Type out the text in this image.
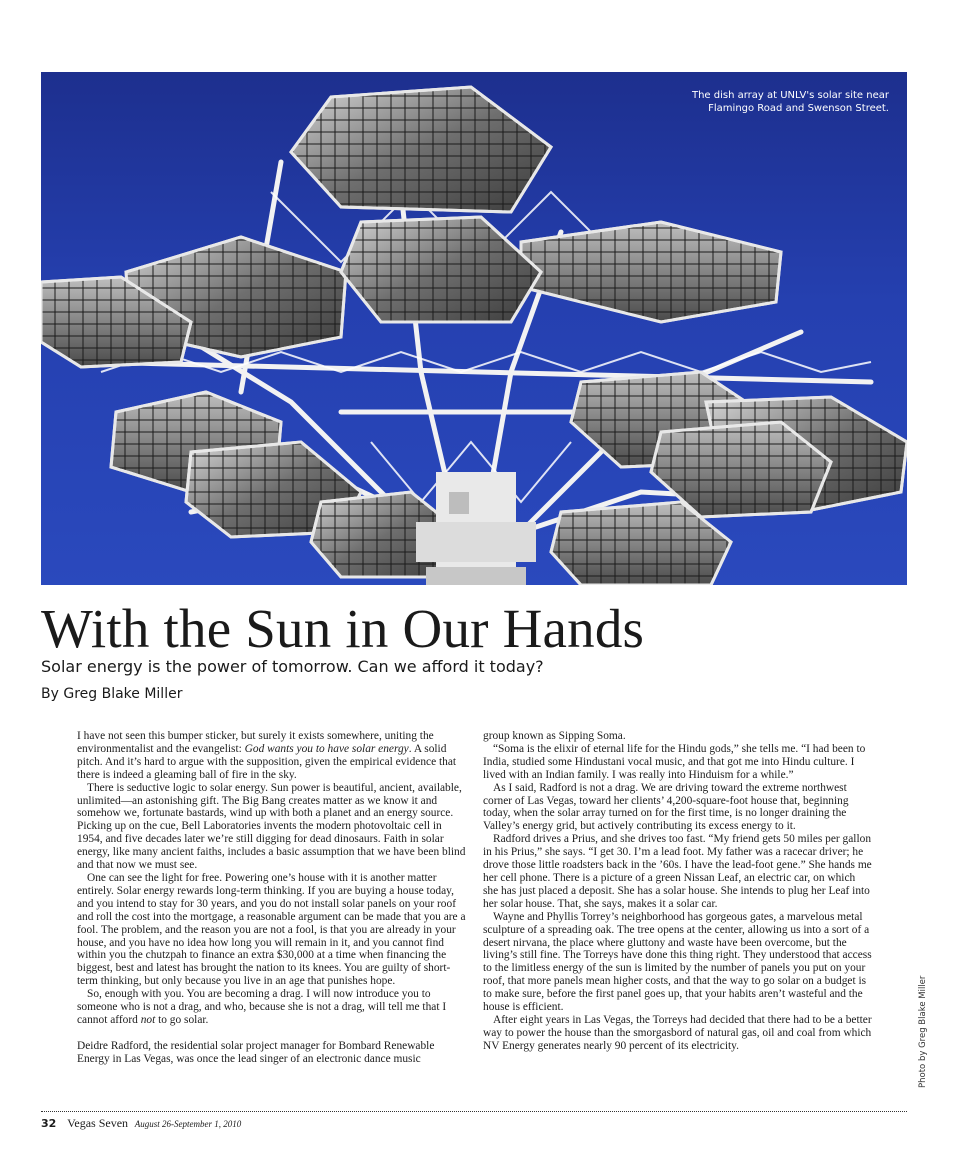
The dish array at UNLV's solar site near Flamingo Road and Swenson Street.
With the Sun in Our Hands

Solar energy is the power of tomorrow. Can we afford it today?

By Greg Blake Miller

I have not seen this bumper sticker, but surely it exists somewhere, uniting the environmentalist and the evangelist: God wants you to have solar energy. A solid pitch. And it’s hard to argue with the supposition, given the empirical evidence that there is indeed a gleaming ball of fire in the sky.

There is seductive logic to solar energy. Sun power is beautiful, ancient, available, unlimited—an astonishing gift. The Big Bang creates matter as we know it and somehow we, fortunate bastards, wind up with both a planet and an energy source. Picking up on the cue, Bell Laboratories invents the modern photovoltaic cell in 1954, and five decades later we’re still digging for dead dinosaurs. Faith in solar energy, like many ancient faiths, includes a basic assumption that we have been blind and that now we must see.

One can see the light for free. Powering one’s house with it is another matter entirely. Solar energy rewards long-term thinking. If you are buying a house today, and you intend to stay for 30 years, and you do not install solar panels on your roof and roll the cost into the mortgage, a reasonable argument can be made that you are a fool. The problem, and the reason you are not a fool, is that you are already in your house, and you have no idea how long you will remain in it, and you cannot find within you the chutzpah to finance an extra $30,000 at a time when financing the biggest, best and latest has brought the nation to its knees. You are guilty of short-term thinking, but only because you live in an age that punishes hope.

So, enough with you. You are becoming a drag. I will now introduce you to someone who is not a drag, and who, because she is not a drag, will tell me that I cannot afford not to go solar.

Deidre Radford, the residential solar project manager for Bombard Renewable Energy in Las Vegas, was once the lead singer of an electronic dance music

group known as Sipping Soma.

“Soma is the elixir of eternal life for the Hindu gods,” she tells me. “I had been to India, studied some Hindustani vocal music, and that got me into Hindu culture. I lived with an Indian family. I was really into Hinduism for a while.”

As I said, Radford is not a drag. We are driving toward the extreme northwest corner of Las Vegas, toward her clients’ 4,200-square-foot house that, beginning today, when the solar array turned on for the first time, is no longer draining the Valley’s energy grid, but actively contributing its excess energy to it.

Radford drives a Prius, and she drives too fast. “My friend gets 50 miles per gallon in his Prius,” she says. “I get 30. I’m a lead foot. My father was a racecar driver; he drove those little roadsters back in the ’60s. I have the lead-foot gene.” She hands me her cell phone. There is a picture of a green Nissan Leaf, an electric car, on which she has just placed a deposit. She has a solar house. She intends to plug her Leaf into her solar house. That, she says, makes it a solar car.

Wayne and Phyllis Torrey’s neighborhood has gorgeous gates, a marvelous metal sculpture of a spreading oak. The tree opens at the center, allowing us into a sort of a desert nirvana, the place where gluttony and waste have been overcome, but the living’s still fine. The Torreys have done this thing right. They understood that access to the limitless energy of the sun is limited by the number of panels you put on your roof, that more panels mean higher costs, and that the way to go solar on a budget is to make sure, before the first panel goes up, that your habits aren’t wasteful and the house is efficient.

After eight years in Las Vegas, the Torreys had decided that there had to be a better way to power the house than the smorgasbord of natural gas, oil and coal from which NV Energy generates nearly 90 percent of its electricity.	Photo by Greg Blake Miller
32 Vegas Seven August 26-September 1, 2010
